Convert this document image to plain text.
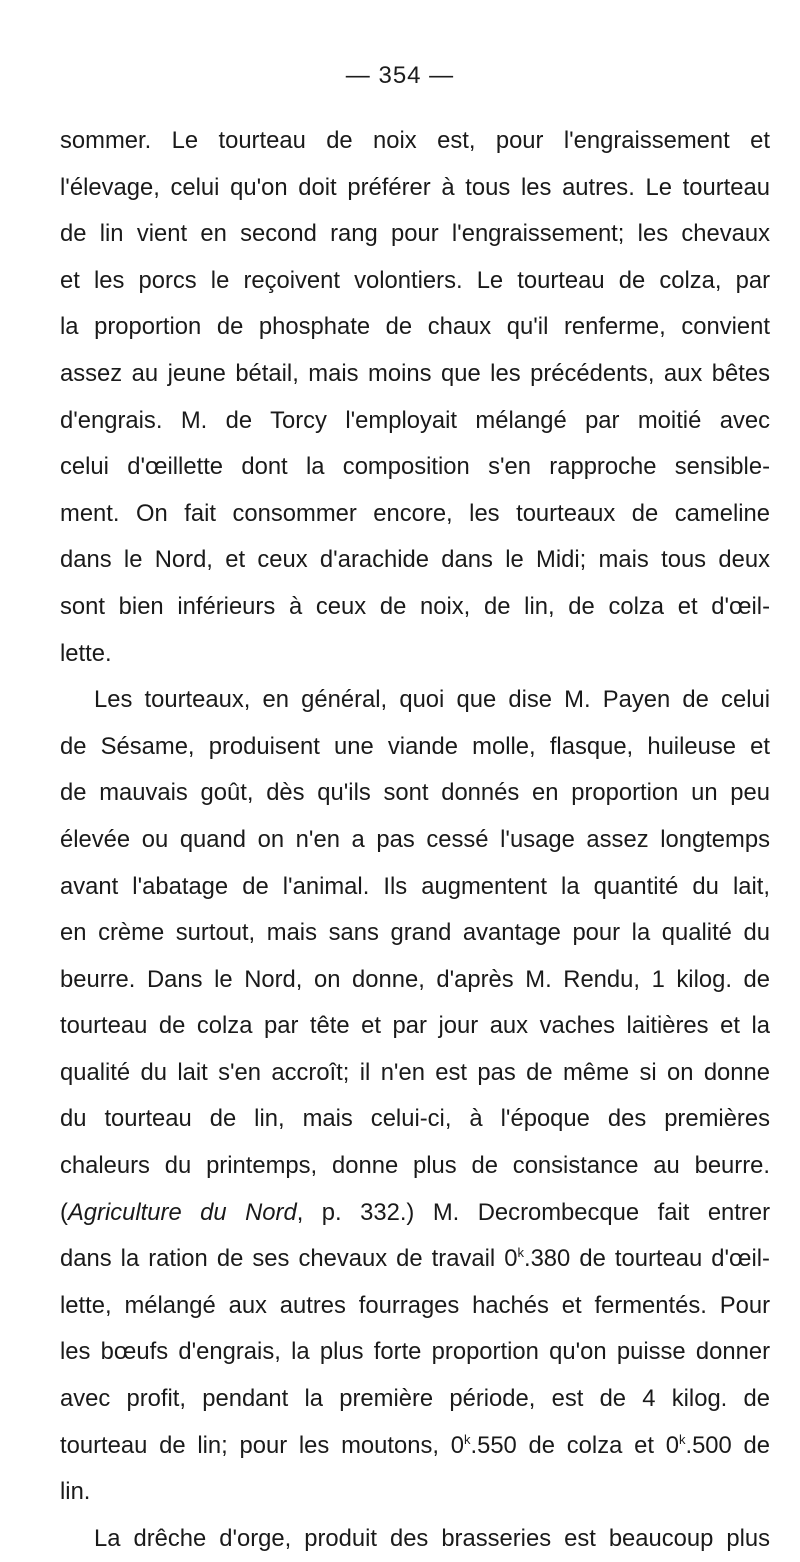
— 354 —
sommer. Le tourteau de noix est, pour l'engraissement et
l'élevage, celui qu'on doit préférer à tous les autres. Le tourteau
de lin vient en second rang pour l'engraissement; les chevaux
et les porcs le reçoivent volontiers. Le tourteau de colza, par
la proportion de phosphate de chaux qu'il renferme, convient
assez au jeune bétail, mais moins que les précédents, aux bêtes
d'engrais. M. de Torcy l'employait mélangé par moitié avec
celui d'œillette dont la composition s'en rapproche sensible-
ment. On fait consommer encore, les tourteaux de cameline
dans le Nord, et ceux d'arachide dans le Midi; mais tous deux
sont bien inférieurs à ceux de noix, de lin, de colza et d'œil-
lette.
Les tourteaux, en général, quoi que dise M. Payen de celui
de Sésame, produisent une viande molle, flasque, huileuse et
de mauvais goût, dès qu'ils sont donnés en proportion un peu
élevée ou quand on n'en a pas cessé l'usage assez longtemps
avant l'abatage de l'animal. Ils augmentent la quantité du lait,
en crème surtout, mais sans grand avantage pour la qualité du
beurre. Dans le Nord, on donne, d'après M. Rendu, 1 kilog. de
tourteau de colza par tête et par jour aux vaches laitières et la
qualité du lait s'en accroît; il n'en est pas de même si on donne
du tourteau de lin, mais celui-ci, à l'époque des premières
chaleurs du printemps, donne plus de consistance au beurre.
(Agriculture du Nord, p. 332.) M. Decrombecque fait entrer
dans la ration de ses chevaux de travail 0$^k$.380 de tourteau d'œil-
lette, mélangé aux autres fourrages hachés et fermentés. Pour
les bœufs d'engrais, la plus forte proportion qu'on puisse donner
avec profit, pendant la première période, est de 4 kilog. de
tourteau de lin; pour les moutons, 0$^k$.550 de colza et 0$^k$.500 de
lin.
La drêche d'orge, produit des brasseries est beaucoup plus
